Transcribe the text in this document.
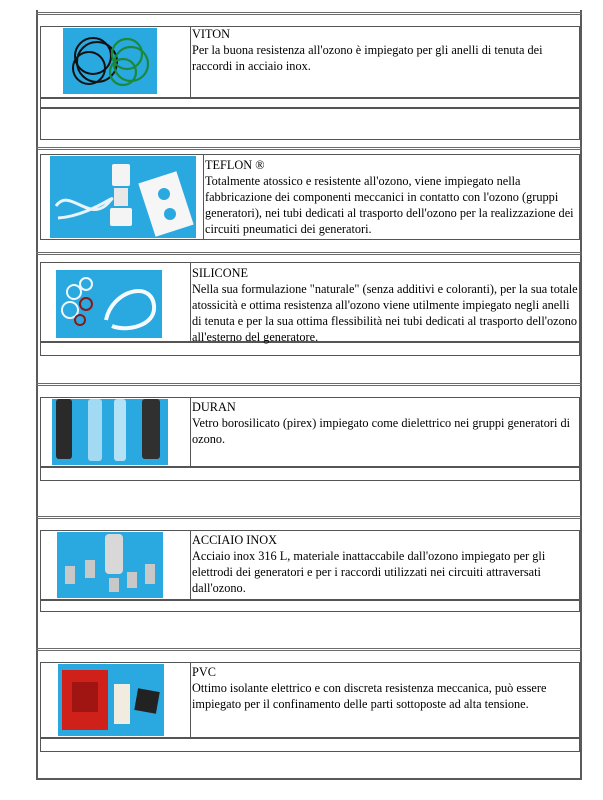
VITON
Per la buona resistenza all'ozono è impiegato per gli anelli di tenuta dei raccordi in acciaio inox.
TEFLON ®
Totalmente atossico e resistente all'ozono, viene impiegato nella fabbricazione dei componenti meccanici in contatto con l'ozono (gruppi generatori), nei tubi dedicati al trasporto dell'ozono per la realizzazione dei circuiti pneumatici dei generatori.
SILICONE
Nella sua formulazione "naturale" (senza additivi e coloranti), per la sua totale atossicità e ottima resistenza all'ozono viene utilmente impiegato negli anelli di tenuta e per la sua ottima flessibilità nei tubi dedicati al trasporto dell'ozono all'esterno del generatore.
DURAN
Vetro borosilicato (pirex) impiegato come dielettrico nei gruppi generatori di ozono.
ACCIAIO INOX
Acciaio inox 316 L, materiale inattaccabile dall'ozono impiegato per gli elettrodi dei generatori e per i raccordi utilizzati nei circuiti attraversati dall'ozono.
PVC
Ottimo isolante elettrico e con discreta resistenza meccanica, può essere impiegato per il confinamento delle parti sottoposte ad alta tensione.
